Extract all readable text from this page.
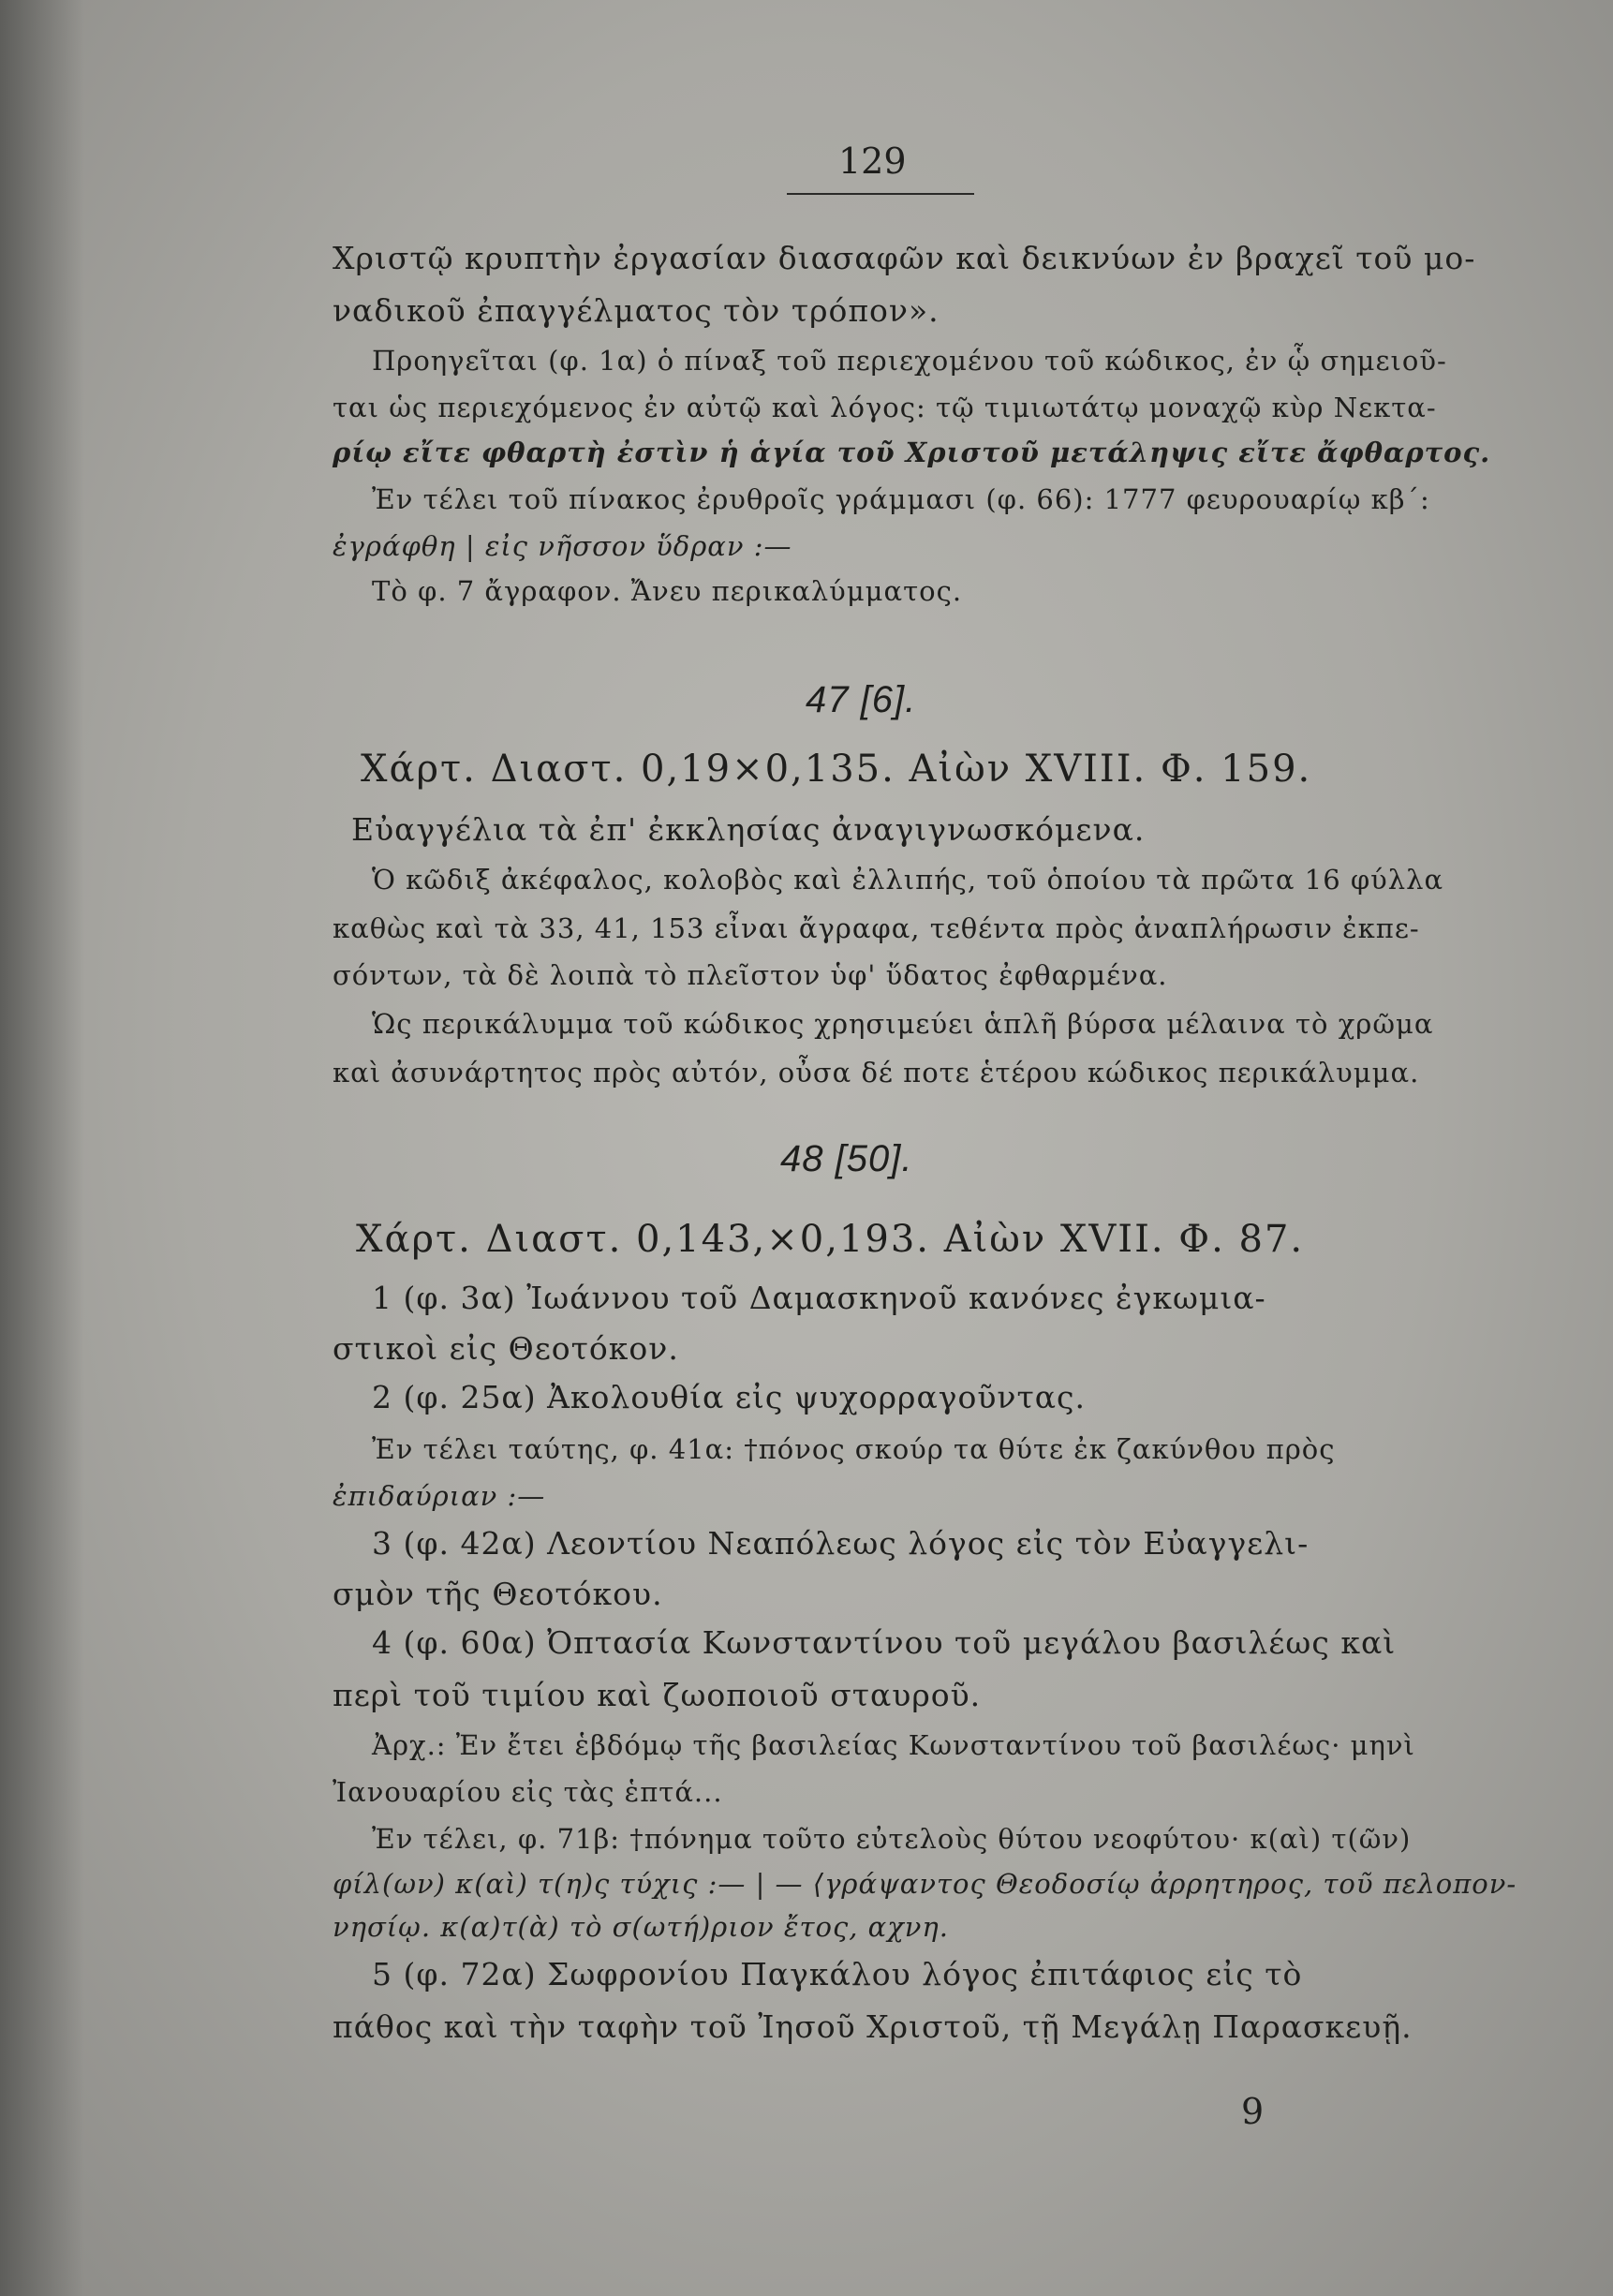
129
Χριστῷ κρυπτὴν ἐργασίαν διασαφῶν καὶ δεικνύων ἐν βραχεῖ τοῦ μο-
ναδικοῦ ἐπαγγέλματος τὸν τρόπον».
Προηγεῖται (φ. 1α) ὁ πίναξ τοῦ περιεχομένου τοῦ κώδικος, ἐν ᾧ σημειοῦ-
ται ὡς περιεχόμενος ἐν αὐτῷ καὶ λόγος: τῷ τιμιωτάτῳ μοναχῷ κὺρ Νεκτα-
ρίῳ εἴτε φθαρτὴ ἐστὶν ἡ ἁγία τοῦ Χριστοῦ μετάληψις εἴτε ἄφθαρτος.
Ἐν τέλει τοῦ πίνακος ἐρυθροῖς γράμμασι (φ. 66): 1777 φευρουαρίῳ κβ΄:
ἐγράφθη | εἰς νῆσσον ὕδραν :—
Τὸ φ. 7 ἄγραφον. Ἄνευ περικαλύμματος.
47 [6].
Χάρτ. Διαστ. 0,19×0,135. Αἰὼν XVIII. Φ. 159.
Εὐαγγέλια τὰ ἐπ' ἐκκλησίας ἀναγιγνωσκόμενα.
Ὁ κῶδιξ ἀκέφαλος, κολοβὸς καὶ ἐλλιπής, τοῦ ὁποίου τὰ πρῶτα 16 φύλλα
καθὼς καὶ τὰ 33, 41, 153 εἶναι ἄγραφα, τεθέντα πρὸς ἀναπλήρωσιν ἐκπε-
σόντων, τὰ δὲ λοιπὰ τὸ πλεῖστον ὑφ' ὕδατος ἐφθαρμένα.
Ὡς περικάλυμμα τοῦ κώδικος χρησιμεύει ἁπλῆ βύρσα μέλαινα τὸ χρῶμα
καὶ ἀσυνάρτητος πρὸς αὐτόν, οὖσα δέ ποτε ἑτέρου κώδικος περικάλυμμα.
48 [50].
Χάρτ. Διαστ. 0,143,×0,193. Αἰὼν XVII. Φ. 87.
1 (φ. 3α) Ἰωάννου τοῦ Δαμασκηνοῦ κανόνες ἐγκωμια-
στικοὶ εἰς Θεοτόκον.
2 (φ. 25α) Ἀκολουθία εἰς ψυχορραγοῦντας.
Ἐν τέλει ταύτης, φ. 41α: †πόνος σκούρ τα θύτε ἐκ ζακύνθου πρὸς
ἐπιδαύριαν :—
3 (φ. 42α) Λεοντίου Νεαπόλεως λόγος εἰς τὸν Εὐαγγελι-
σμὸν τῆς Θεοτόκου.
4 (φ. 60α) Ὀπτασία Κωνσταντίνου τοῦ μεγάλου βασιλέως καὶ
περὶ τοῦ τιμίου καὶ ζωοποιοῦ σταυροῦ.
Ἀρχ.: Ἐν ἔτει ἑβδόμῳ τῆς βασιλείας Κωνσταντίνου τοῦ βασιλέως· μηνὶ
Ἰανουαρίου εἰς τὰς ἑπτά...
Ἐν τέλει, φ. 71β: †πόνημα τοῦτο εὐτελοὺς θύτου νεοφύτου· κ(αὶ) τ(ῶν)
φίλ(ων) κ(αὶ) τ(η)ς τύχις :— | — ⟨γράψαντος Θεοδοσίῳ ἀρρητηρος, τοῦ πελοπον-
νησίῳ. κ(α)τ(ὰ) τὸ σ(ωτή)ριον ἔτος, αχνη.
5 (φ. 72α) Σωφρονίου Παγκάλου λόγος ἐπιτάφιος εἰς τὸ
πάθος καὶ τὴν ταφὴν τοῦ Ἰησοῦ Χριστοῦ, τῇ Μεγάλῃ Παρασκευῇ.
9
